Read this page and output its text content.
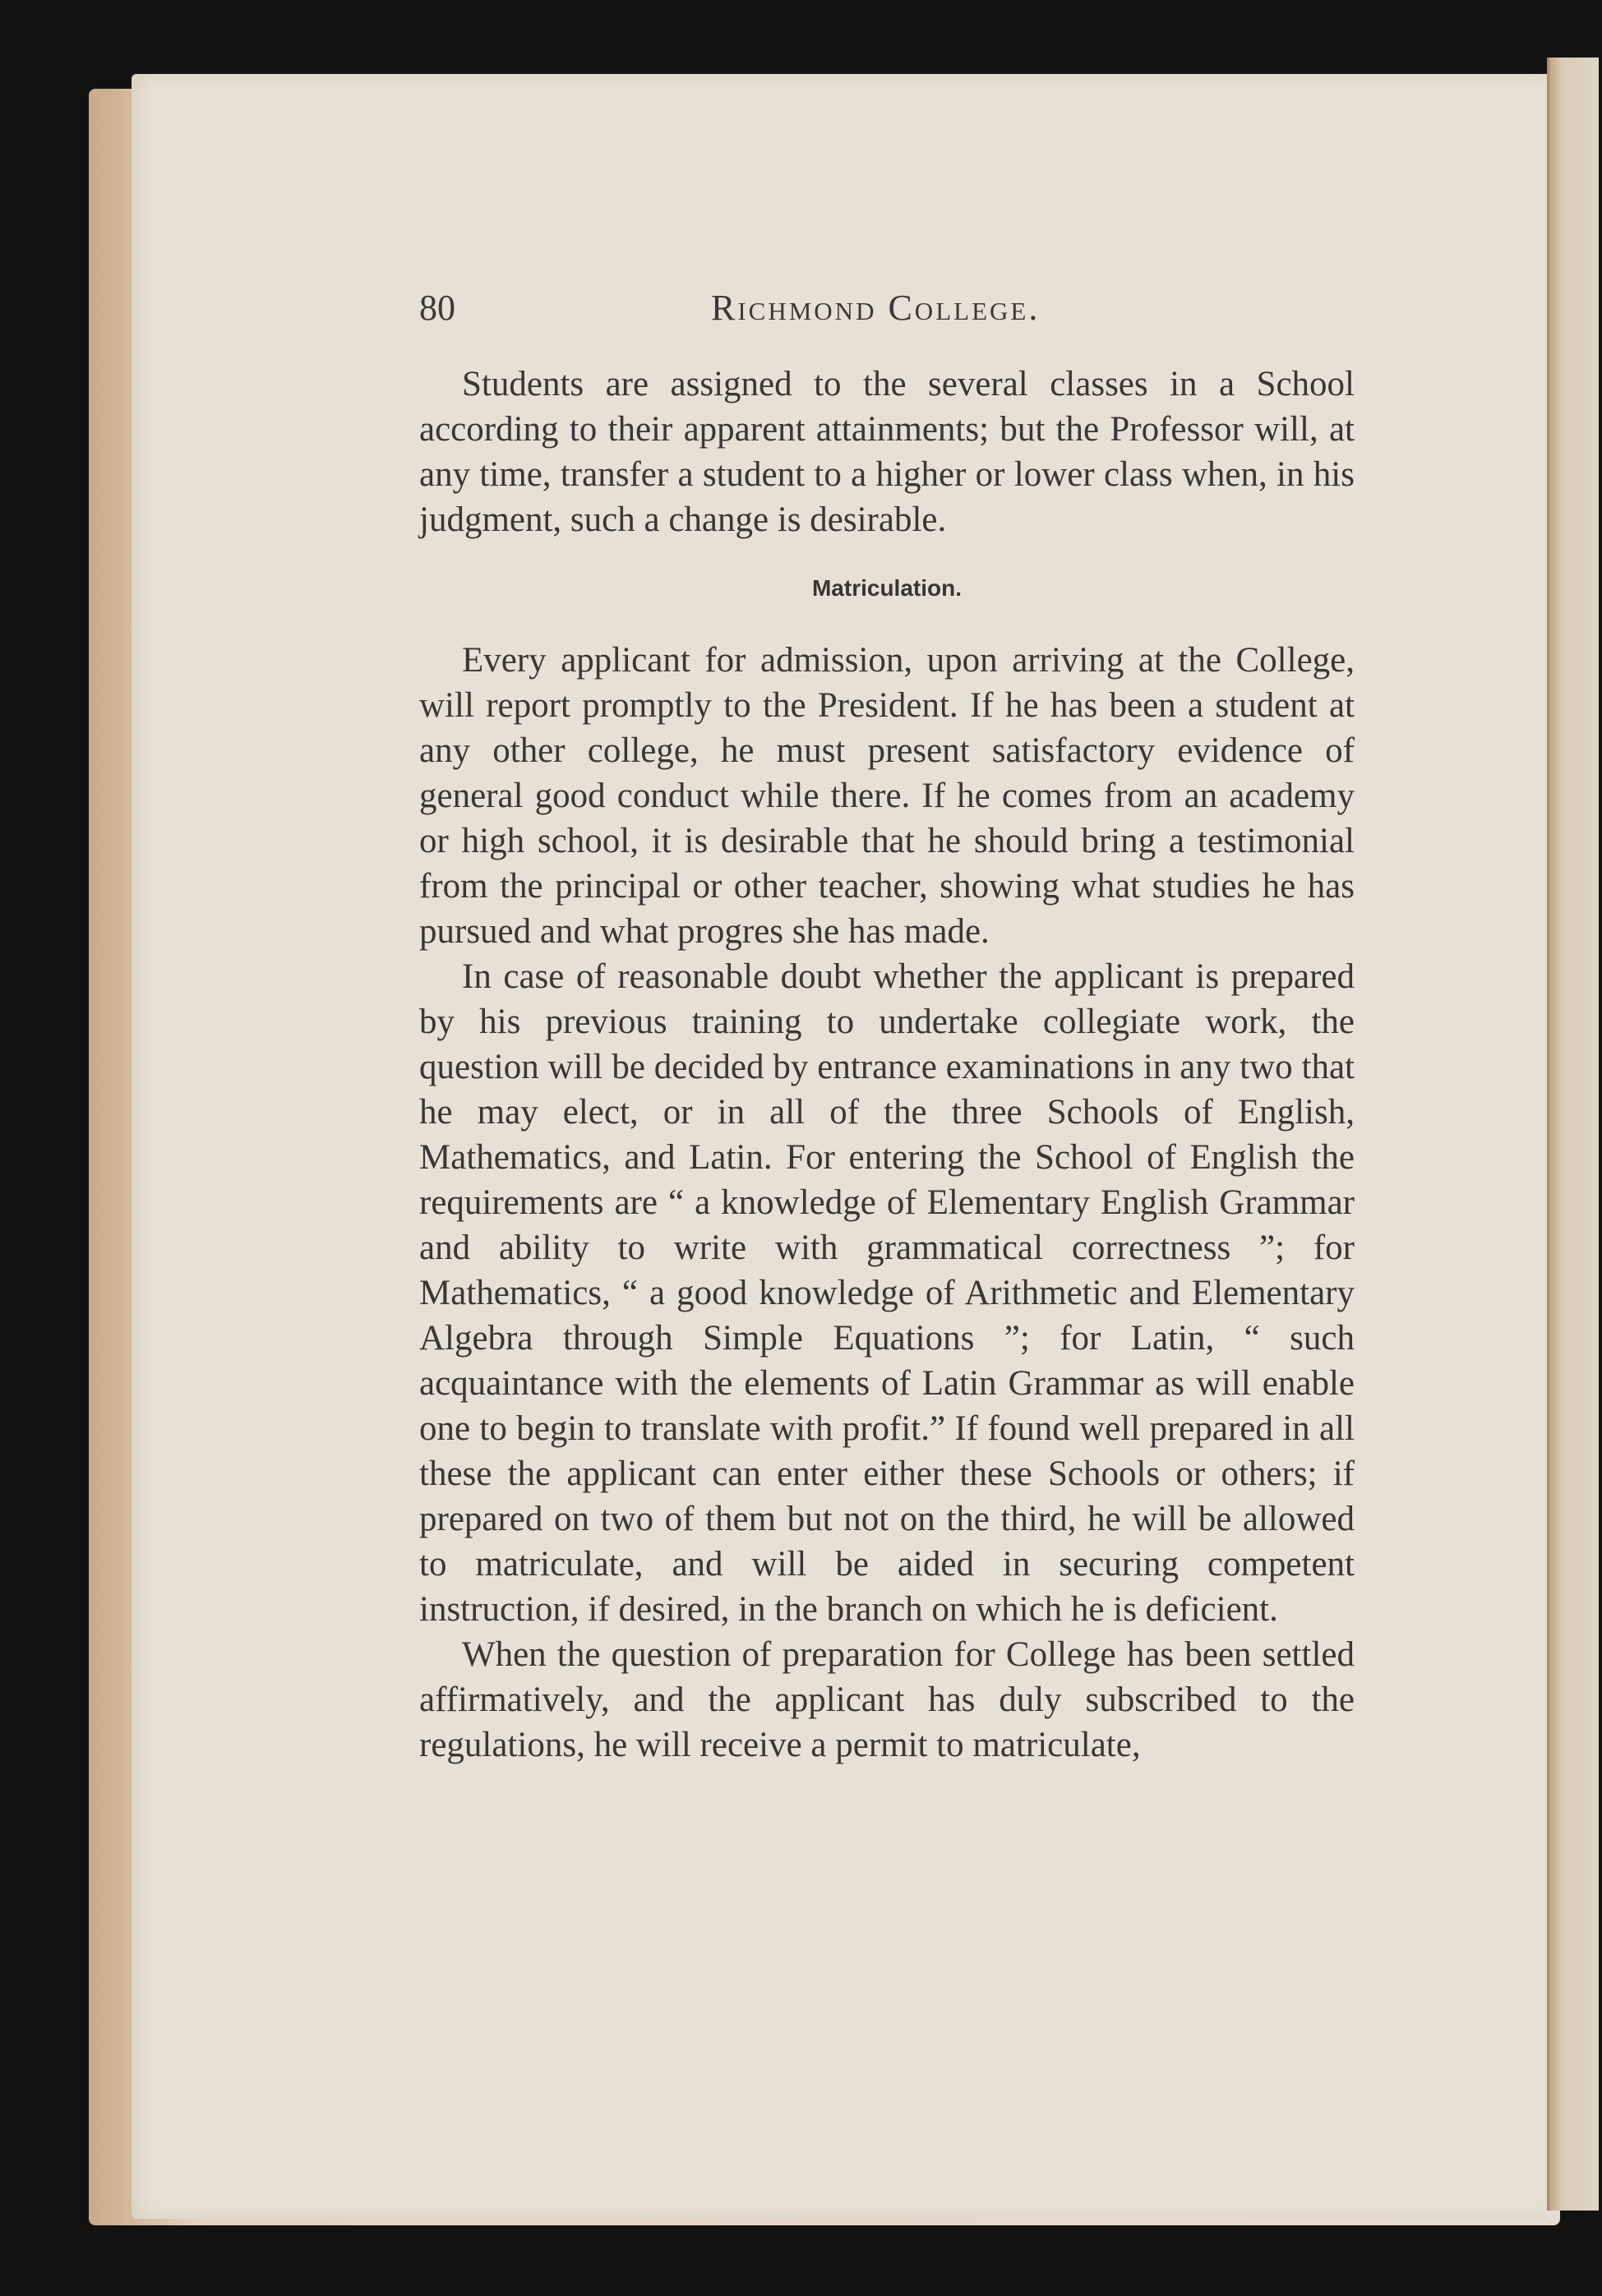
80	Richmond College.

Students are assigned to the several classes in a School according to their apparent attainments; but the Professor will, at any time, transfer a student to a higher or lower class when, in his judgment, such a change is desirable.

Matriculation.

Every applicant for admission, upon arriving at the College, will report promptly to the President. If he has been a student at any other college, he must present satisfactory evidence of general good conduct while there. If he comes from an academy or high school, it is desirable that he should bring a testimonial from the principal or other teacher, showing what studies he has pursued and what progres she has made.

In case of reasonable doubt whether the applicant is prepared by his previous training to undertake collegiate work, the question will be decided by entrance examinations in any two that he may elect, or in all of the three Schools of English, Mathematics, and Latin. For entering the School of English the requirements are “ a knowledge of Elementary English Grammar and ability to write with grammatical correctness ”; for Mathematics, “ a good knowledge of Arithmetic and Elementary Algebra through Simple Equations ”; for Latin, “ such acquaintance with the elements of Latin Grammar as will enable one to begin to translate with profit.” If found well prepared in all these the applicant can enter either these Schools or others; if prepared on two of them but not on the third, he will be allowed to matriculate, and will be aided in securing competent instruction, if desired, in the branch on which he is deficient.

When the question of preparation for College has been settled affirmatively, and the applicant has duly subscribed to the regulations, he will receive a permit to matriculate,
